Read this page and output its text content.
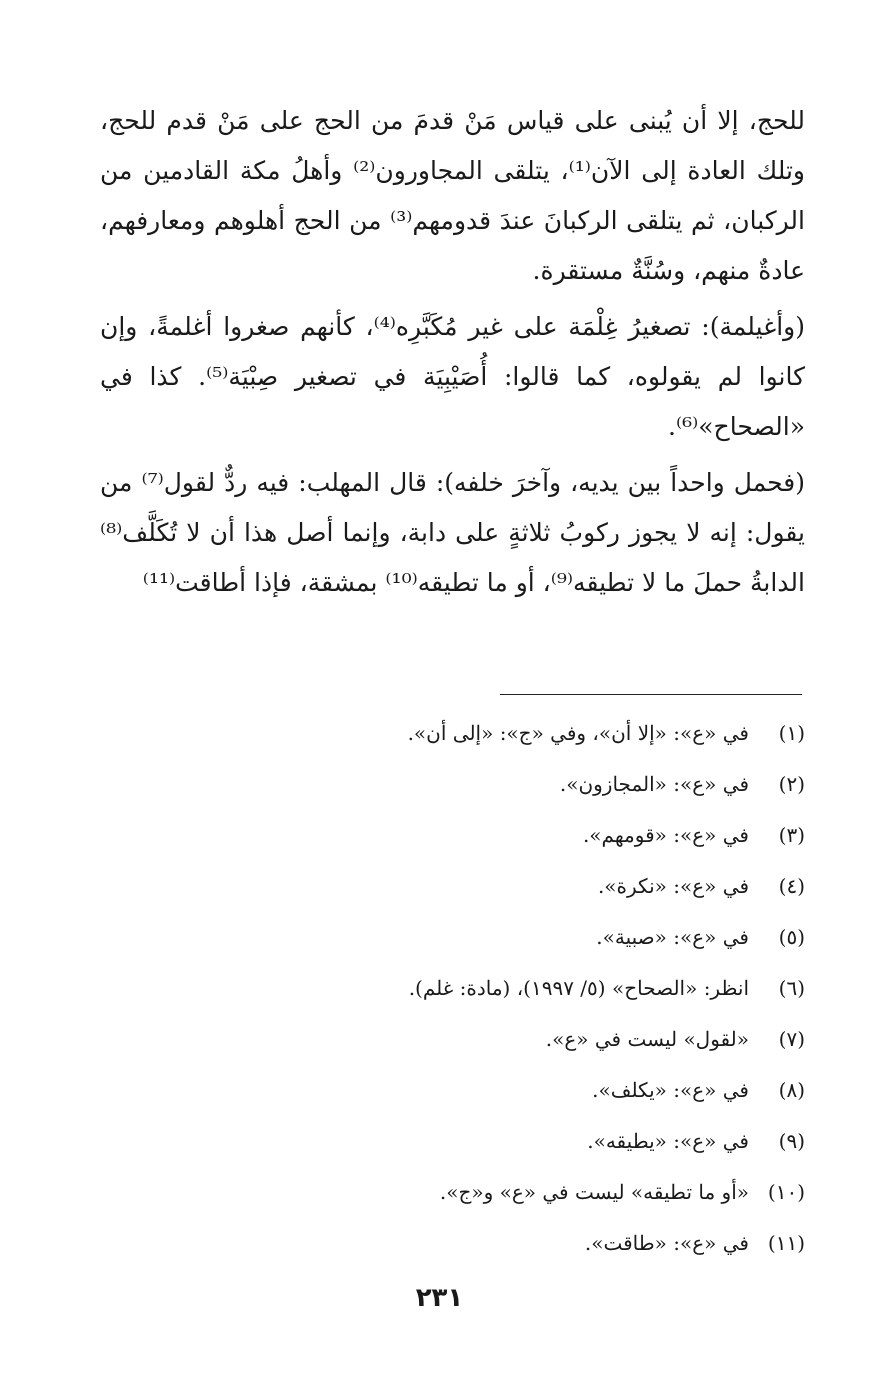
للحج، إلا أن يُبنى على قياس مَنْ قدمَ من الحج على مَنْ قدم للحج، وتلك العادة إلى الآن⁽¹⁾، يتلقى المجاورون⁽²⁾ وأهلُ مكة القادمين من الركبان، ثم يتلقى الركبانَ عندَ قدومهم⁽³⁾ من الحج أهلوهم ومعارفهم، عادةٌ منهم، وسُنَّةٌ مستقرة.

(وأغيلمة): تصغيرُ غِلْمَة على غير مُكَبَّرِه⁽⁴⁾، كأنهم صغروا أغلمةً، وإن كانوا لم يقولوه، كما قالوا: أُصَيْبِيَة في تصغير صِبْيَة⁽⁵⁾. كذا في «الصحاح»⁽⁶⁾.

(فحمل واحداً بين يديه، وآخرَ خلفه): قال المهلب: فيه ردٌّ لقول⁽⁷⁾ من يقول: إنه لا يجوز ركوبُ ثلاثةٍ على دابة، وإنما أصل هذا أن لا تُكَلَّف⁽⁸⁾ الدابةُ حملَ ما لا تطيقه⁽⁹⁾، أو ما تطيقه⁽¹⁰⁾ بمشقة، فإذا أطاقت⁽¹¹⁾

(١)
في «ع»: «إلا أن»، وفي «ج»: «إلى أن».
(٢)
في «ع»: «المجازون».
(٣)
في «ع»: «قومهم».
(٤)
في «ع»: «نكرة».
(٥)
في «ع»: «صبية».
(٦)
انظر: «الصحاح» (٥/ ١٩٩٧)، (مادة: غلم).
(٧)
«لقول» ليست في «ع».
(٨)
في «ع»: «يكلف».
(٩)
في «ع»: «يطيقه».
(١٠)
«أو ما تطيقه» ليست في «ع» و«ج».
(١١)
في «ع»: «طاقت».
٢٣١
